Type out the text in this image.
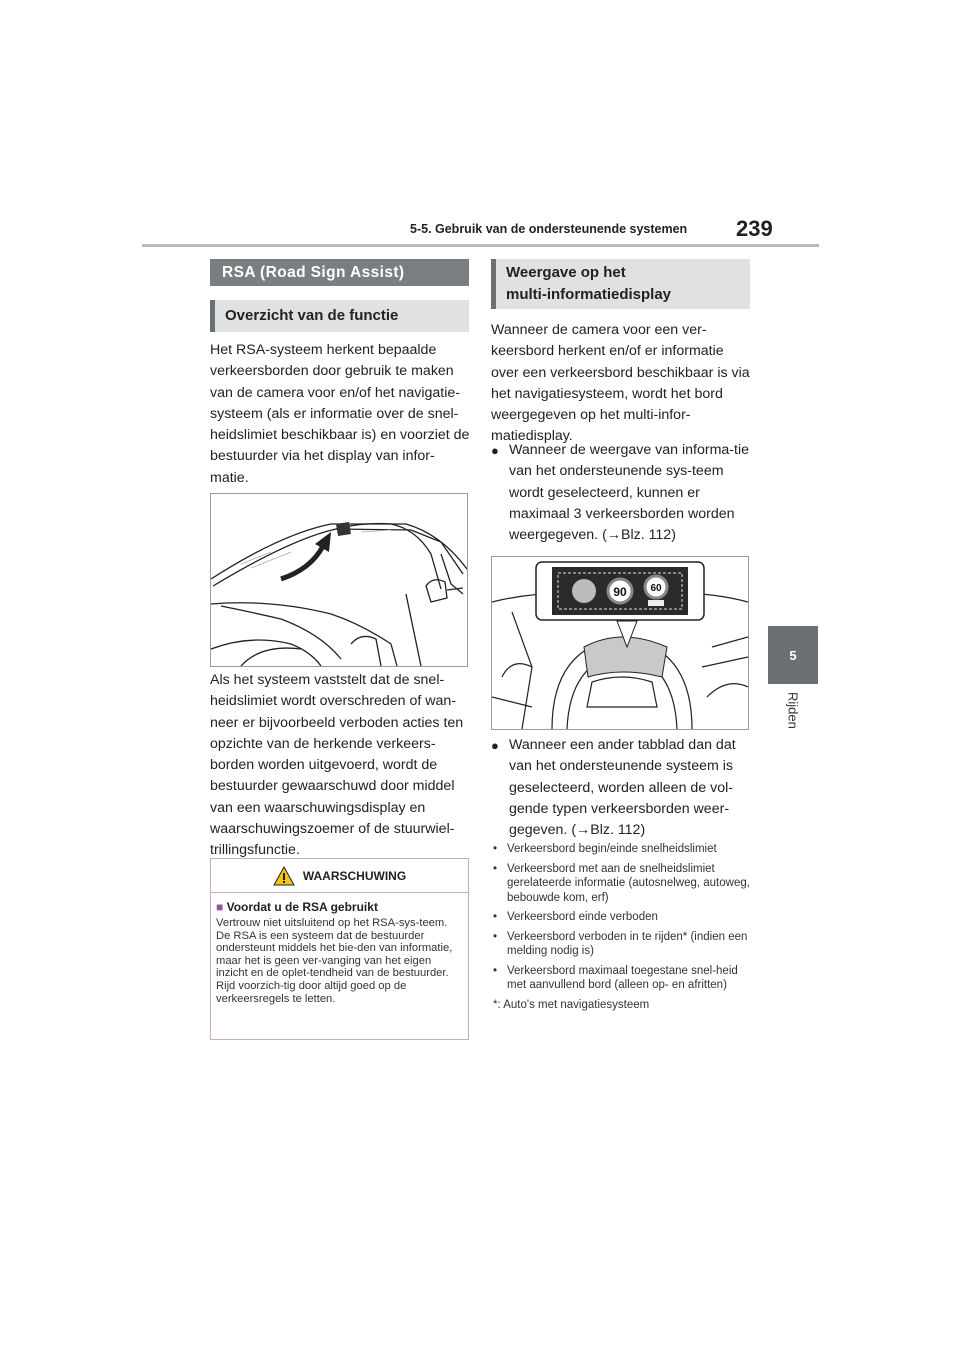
5-5. Gebruik van de ondersteunende systemen 239
5
Rijden
RSA (Road Sign Assist)
Overzicht van de functie
Het RSA-systeem herkent bepaalde verkeersborden door gebruik te maken van de camera voor en/of het navigatie-systeem (als er informatie over de snel-heidslimiet beschikbaar is) en voorziet de bestuurder via het display van infor-matie.
Als het systeem vaststelt dat de snel-heidslimiet wordt overschreden of wan-neer er bijvoorbeeld verboden acties ten opzichte van de herkende verkeers-borden worden uitgevoerd, wordt de bestuurder gewaarschuwd door middel van een waarschuwingsdisplay en waarschuwingszoemer of de stuurwiel-trillingsfunctie.
WAARSCHUWING
■ Voordat u de RSA gebruikt
Vertrouw niet uitsluitend op het RSA-sys-teem. De RSA is een systeem dat de bestuurder ondersteunt middels het bie-den van informatie, maar het is geen ver-vanging van het eigen inzicht en de oplet-tendheid van de bestuurder. Rijd voorzich-tig door altijd goed op de verkeersregels te letten.
Weergave op het
multi-informatiedisplay
Wanneer de camera voor een ver-keersbord herkent en/of er informatie over een verkeersbord beschikbaar is via het navigatiesysteem, wordt het bord weergegeven op het multi-infor-matiedisplay.
● Wanneer de weergave van informa-tie van het ondersteunende sys-teem wordt geselecteerd, kunnen er maximaal 3 verkeersborden worden weergegeven. (→Blz. 112)
90 60
● Wanneer een ander tabblad dan dat van het ondersteunende systeem is geselecteerd, worden alleen de vol-gende typen verkeersborden weer-gegeven. (→Blz. 112)
• Verkeersbord begin/einde snelheidslimiet
• Verkeersbord met aan de snelheidslimiet gerelateerde informatie (autosnelweg, autoweg, bebouwde kom, erf)
• Verkeersbord einde verboden
• Verkeersbord verboden in te rijden* (indien een melding nodig is)
• Verkeersbord maximaal toegestane snel-heid met aanvullend bord (alleen op- en afritten)
*: Auto's met navigatiesysteem
